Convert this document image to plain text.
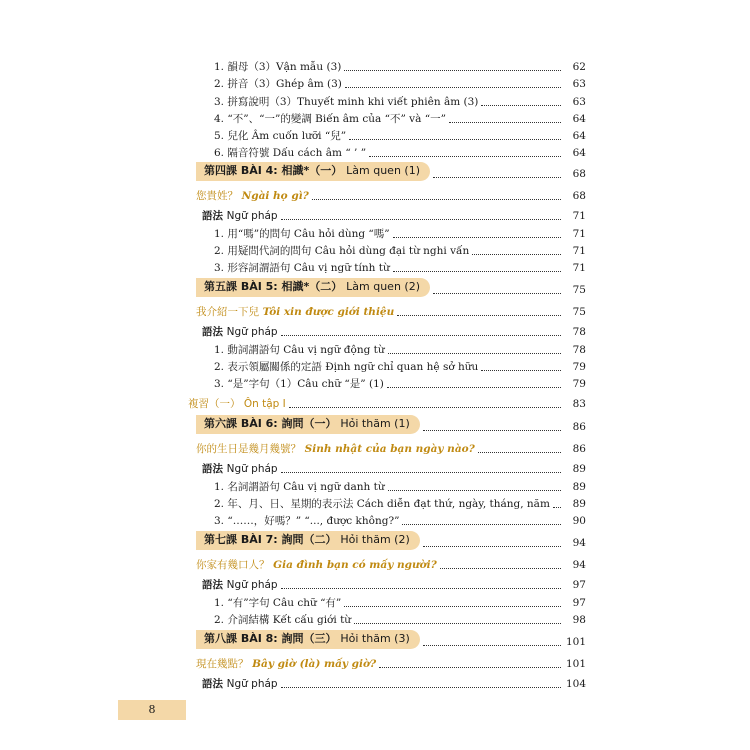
1. 韻母（3）Vận mẫu (3)	62
2. 拼音（3）Ghép âm (3)	63
3. 拼寫說明（3）Thuyết minh khi viết phiên âm (3)	63
4. “不”、“一”的變調 Biến âm của “不” và “一”	64
5. 兒化 Âm cuốn lưỡi “兒”	64
6. 隔音符號 Dấu cách âm “ ’ ”	64
第四課 BÀI 4: 相識*（一） Làm quen (1)	68
您貴姓？ Ngài họ gì?	68
語法 Ngữ pháp	71
1. 用“嗎”的問句 Câu hỏi dùng “嗎”	71
2. 用疑問代詞的問句 Câu hỏi dùng đại từ nghi vấn	71
3. 形容詞謂語句 Câu vị ngữ tính từ	71
第五課 BÀI 5: 相識*（二） Làm quen (2)	75
我介紹一下兒 Tôi xin được giới thiệu	75
語法 Ngữ pháp	78
1. 動詞謂語句 Câu vị ngữ động từ	78
2. 表示領屬關係的定語 Định ngữ chỉ quan hệ sở hữu	79
3. “是”字句（1）Câu chữ “是” (1)	79
複習（一） Ôn tập I	83
第六課 BÀI 6: 詢問（一） Hỏi thăm (1)	86
你的生日是幾月幾號？ Sinh nhật của bạn ngày nào?	86
語法 Ngữ pháp	89
1. 名詞謂語句 Câu vị ngữ danh từ	89
2. 年、月、日、星期的表示法 Cách diễn đạt thứ, ngày, tháng, năm	89
3. “……，好嗎？” “..., được không?”	90
第七課 BÀI 7: 詢問（二） Hỏi thăm (2)	94
你家有幾口人？ Gia đình bạn có mấy người?	94
語法 Ngữ pháp	97
1. “有”字句 Câu chữ “有”	97
2. 介詞結構 Kết cấu giới từ	98
第八課 BÀI 8: 詢問（三） Hỏi thăm (3)	101
現在幾點？ Bây giờ (là) mấy giờ?	101
語法 Ngữ pháp	104
8
